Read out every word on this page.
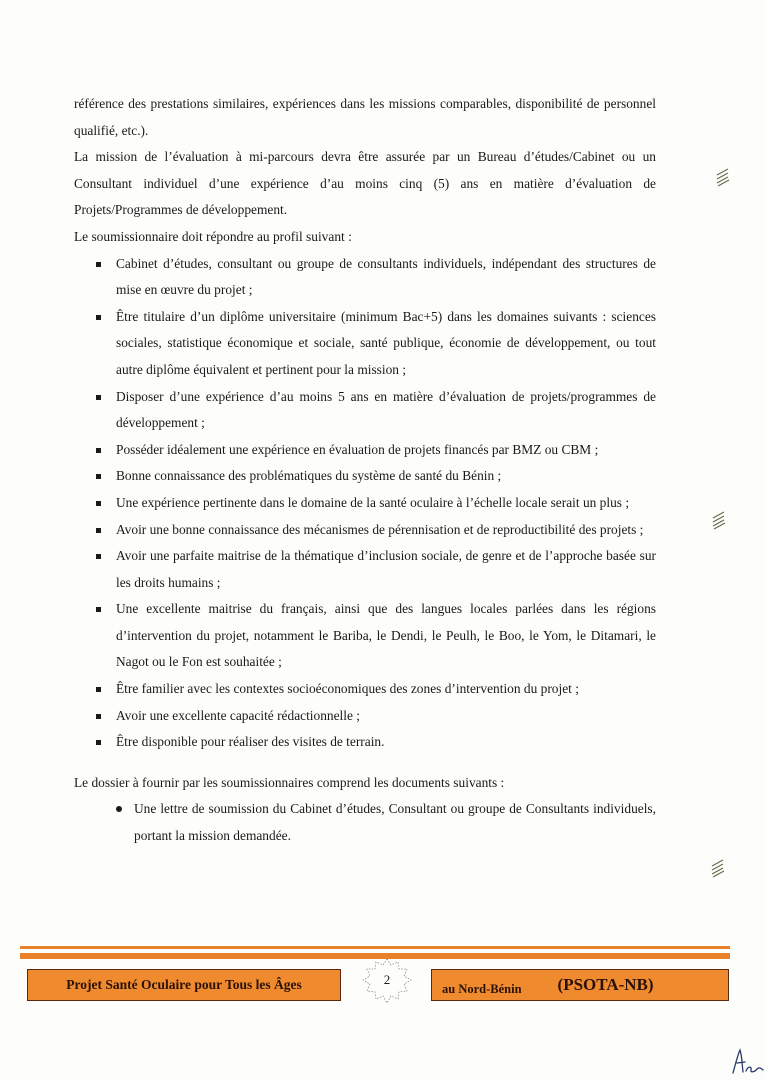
référence des prestations similaires, expériences dans les missions comparables, disponibilité de personnel qualifié, etc.).

La mission de l’évaluation à mi-parcours devra être assurée par un Bureau d’études/Cabinet ou un Consultant individuel d’une expérience d’au moins cinq (5) ans en matière d’évaluation de Projets/Programmes de développement.

Le soumissionnaire doit répondre au profil suivant :

Cabinet d’études, consultant ou groupe de consultants individuels, indépendant des structures de mise en œuvre du projet ;
Être titulaire d’un diplôme universitaire (minimum Bac+5) dans les domaines suivants : sciences sociales, statistique économique et sociale, santé publique, économie de développement, ou tout autre diplôme équivalent et pertinent pour la mission ;
Disposer d’une expérience d’au moins 5 ans en matière d’évaluation de projets/programmes de développement ;
Posséder idéalement une expérience en évaluation de projets financés par BMZ ou CBM ;
Bonne connaissance des problématiques du système de santé du Bénin ;
Une expérience pertinente dans le domaine de la santé oculaire à l’échelle locale serait un plus ;
Avoir une bonne connaissance des mécanismes de pérennisation et de reproductibilité des projets ;
Avoir une parfaite maitrise de la thématique d’inclusion sociale, de genre et de l’approche basée sur les droits humains ;
Une excellente maitrise du français, ainsi que des langues locales parlées dans les régions d’intervention du projet, notamment le Bariba, le Dendi, le Peulh, le Boo, le Yom, le Ditamari, le Nagot ou le Fon est souhaitée ;
Être familier avec les contextes socioéconomiques des zones d’intervention du projet ;
Avoir une excellente capacité rédactionnelle ;
Être disponible pour réaliser des visites de terrain.

Le dossier à fournir par les soumissionnaires comprend les documents suivants :

Une lettre de soumission du Cabinet d’études, Consultant ou groupe de Consultants individuels, portant la mission demandée.
Projet Santé Oculaire pour Tous les Âges	2
au Nord-Bénin (PSOTA-NB)
